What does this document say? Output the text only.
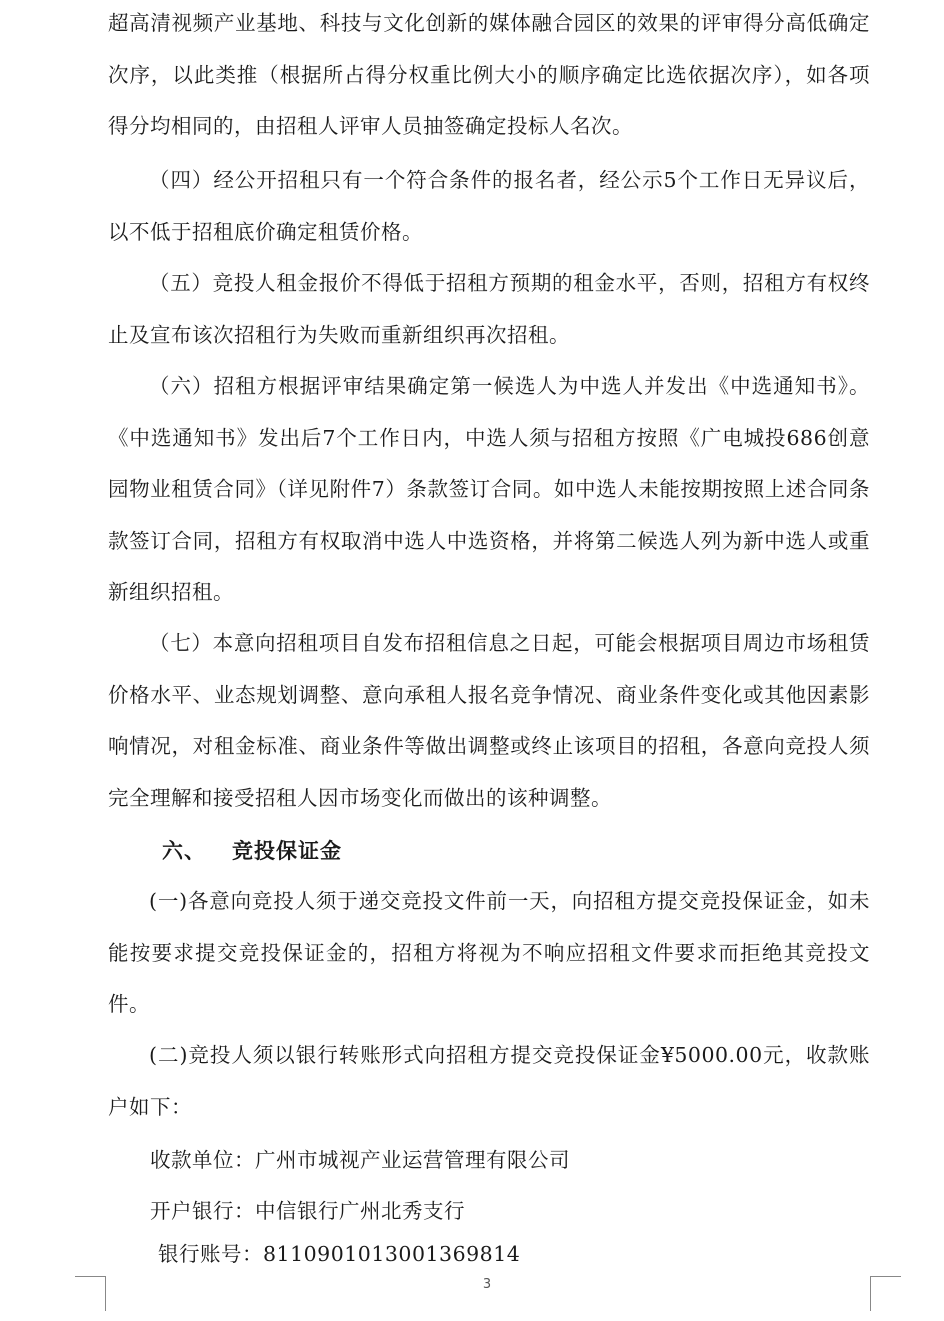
超高清视频产业基地、科技与文化创新的媒体融合园区的效果的评审得分高低确定次序，以此类推（根据所占得分权重比例大小的顺序确定比选依据次序），如各项得分均相同的，由招租人评审人员抽签确定投标人名次。

（四）经公开招租只有一个符合条件的报名者，经公示5个工作日无异议后，以不低于招租底价确定租赁价格。

（五）竞投人租金报价不得低于招租方预期的租金水平，否则，招租方有权终止及宣布该次招租行为失败而重新组织再次招租。

（六）招租方根据评审结果确定第一候选人为中选人并发出《中选通知书》。《中选通知书》发出后7个工作日内，中选人须与招租方按照《广电城投686创意园物业租赁合同》（详见附件7）条款签订合同。如中选人未能按期按照上述合同条款签订合同，招租方有权取消中选人中选资格，并将第二候选人列为新中选人或重新组织招租。

（七）本意向招租项目自发布招租信息之日起，可能会根据项目周边市场租赁价格水平、业态规划调整、意向承租人报名竞争情况、商业条件变化或其他因素影响情况，对租金标准、商业条件等做出调整或终止该项目的招租，各意向竞投人须完全理解和接受招租人因市场变化而做出的该种调整。

六、 竞投保证金

(一)各意向竞投人须于递交竞投文件前一天，向招租方提交竞投保证金，如未能按要求提交竞投保证金的，招租方将视为不响应招租文件要求而拒绝其竞投文件。

(二)竞投人须以银行转账形式向招租方提交竞投保证金¥5000.00元，收款账户如下：

收款单位：广州市城视产业运营管理有限公司
开户银行：中信银行广州北秀支行
银行账号：8110901013001369814
3
